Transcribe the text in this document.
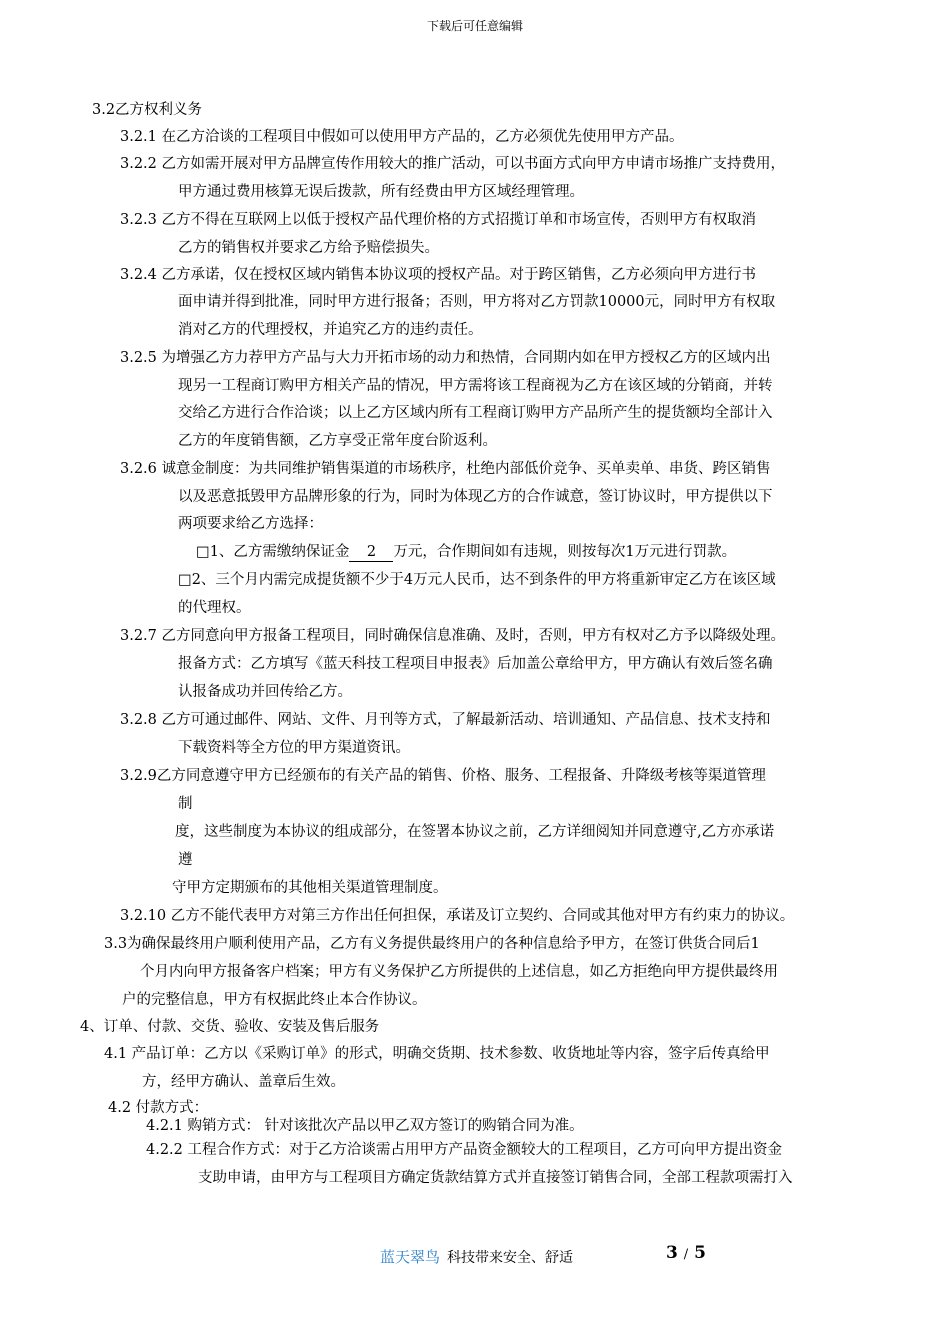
下载后可任意编辑
3.2乙方权利义务
3.2.1 在乙方洽谈的工程项目中假如可以使用甲方产品的，乙方必须优先使用甲方产品。
3.2.2 乙方如需开展对甲方品牌宣传作用较大的推广活动，可以书面方式向甲方申请市场推广支持费用，
甲方通过费用核算无误后拨款，所有经费由甲方区域经理管理。
3.2.3 乙方不得在互联网上以低于授权产品代理价格的方式招揽订单和市场宣传，否则甲方有权取消
乙方的销售权并要求乙方给予赔偿损失。
3.2.4 乙方承诺，仅在授权区域内销售本协议项的授权产品。对于跨区销售，乙方必须向甲方进行书
面申请并得到批准，同时甲方进行报备；否则，甲方将对乙方罚款10000元，同时甲方有权取
消对乙方的代理授权，并追究乙方的违约责任。
3.2.5 为增强乙方力荐甲方产品与大力开拓市场的动力和热情，合同期内如在甲方授权乙方的区域内出
现另一工程商订购甲方相关产品的情况，甲方需将该工程商视为乙方在该区域的分销商，并转
交给乙方进行合作洽谈；以上乙方区域内所有工程商订购甲方产品所产生的提货额均全部计入
乙方的年度销售额，乙方享受正常年度台阶返利。
3.2.6 诚意金制度：为共同维护销售渠道的市场秩序，杜绝内部低价竞争、买单卖单、串货、跨区销售
以及恶意抵毁甲方品牌形象的行为，同时为体现乙方的合作诚意，签订协议时，甲方提供以下
两项要求给乙方选择：
□1、乙方需缴纳保证金 2 万元，合作期间如有违规，则按每次1万元进行罚款。
□2、三个月内需完成提货额不少于4万元人民币，达不到条件的甲方将重新审定乙方在该区域
的代理权。
3.2.7 乙方同意向甲方报备工程项目，同时确保信息准确、及时，否则，甲方有权对乙方予以降级处理。
报备方式：乙方填写《蓝天科技工程项目申报表》后加盖公章给甲方，甲方确认有效后签名确
认报备成功并回传给乙方。
3.2.8 乙方可通过邮件、网站、文件、月刊等方式，了解最新活动、培训通知、产品信息、技术支持和
下载资料等全方位的甲方渠道资讯。
3.2.9乙方同意遵守甲方已经颁布的有关产品的销售、价格、服务、工程报备、升降级考核等渠道管理
制
度，这些制度为本协议的组成部分，在签署本协议之前，乙方详细阅知并同意遵守,乙方亦承诺
遵
守甲方定期颁布的其他相关渠道管理制度。
3.2.10 乙方不能代表甲方对第三方作出任何担保，承诺及订立契约、合同或其他对甲方有约束力的协议。
3.3为确保最终用户顺利使用产品，乙方有义务提供最终用户的各种信息给予甲方，在签订供货合同后1
个月内向甲方报备客户档案；甲方有义务保护乙方所提供的上述信息，如乙方拒绝向甲方提供最终用
户的完整信息，甲方有权据此终止本合作协议。
4、订单、付款、交货、验收、安装及售后服务
4.1 产品订单：乙方以《采购订单》的形式，明确交货期、技术参数、收货地址等内容，签字后传真给甲
方，经甲方确认、盖章后生效。
4.2 付款方式：
4.2.1 购销方式： 针对该批次产品以甲乙双方签订的购销合同为准。
4.2.2 工程合作方式：对于乙方洽谈需占用甲方产品资金额较大的工程项目，乙方可向甲方提出资金
支助申请，由甲方与工程项目方确定货款结算方式并直接签订销售合同，全部工程款项需打入
蓝天翠鸟 科技带来安全、舒适	3 / 5
